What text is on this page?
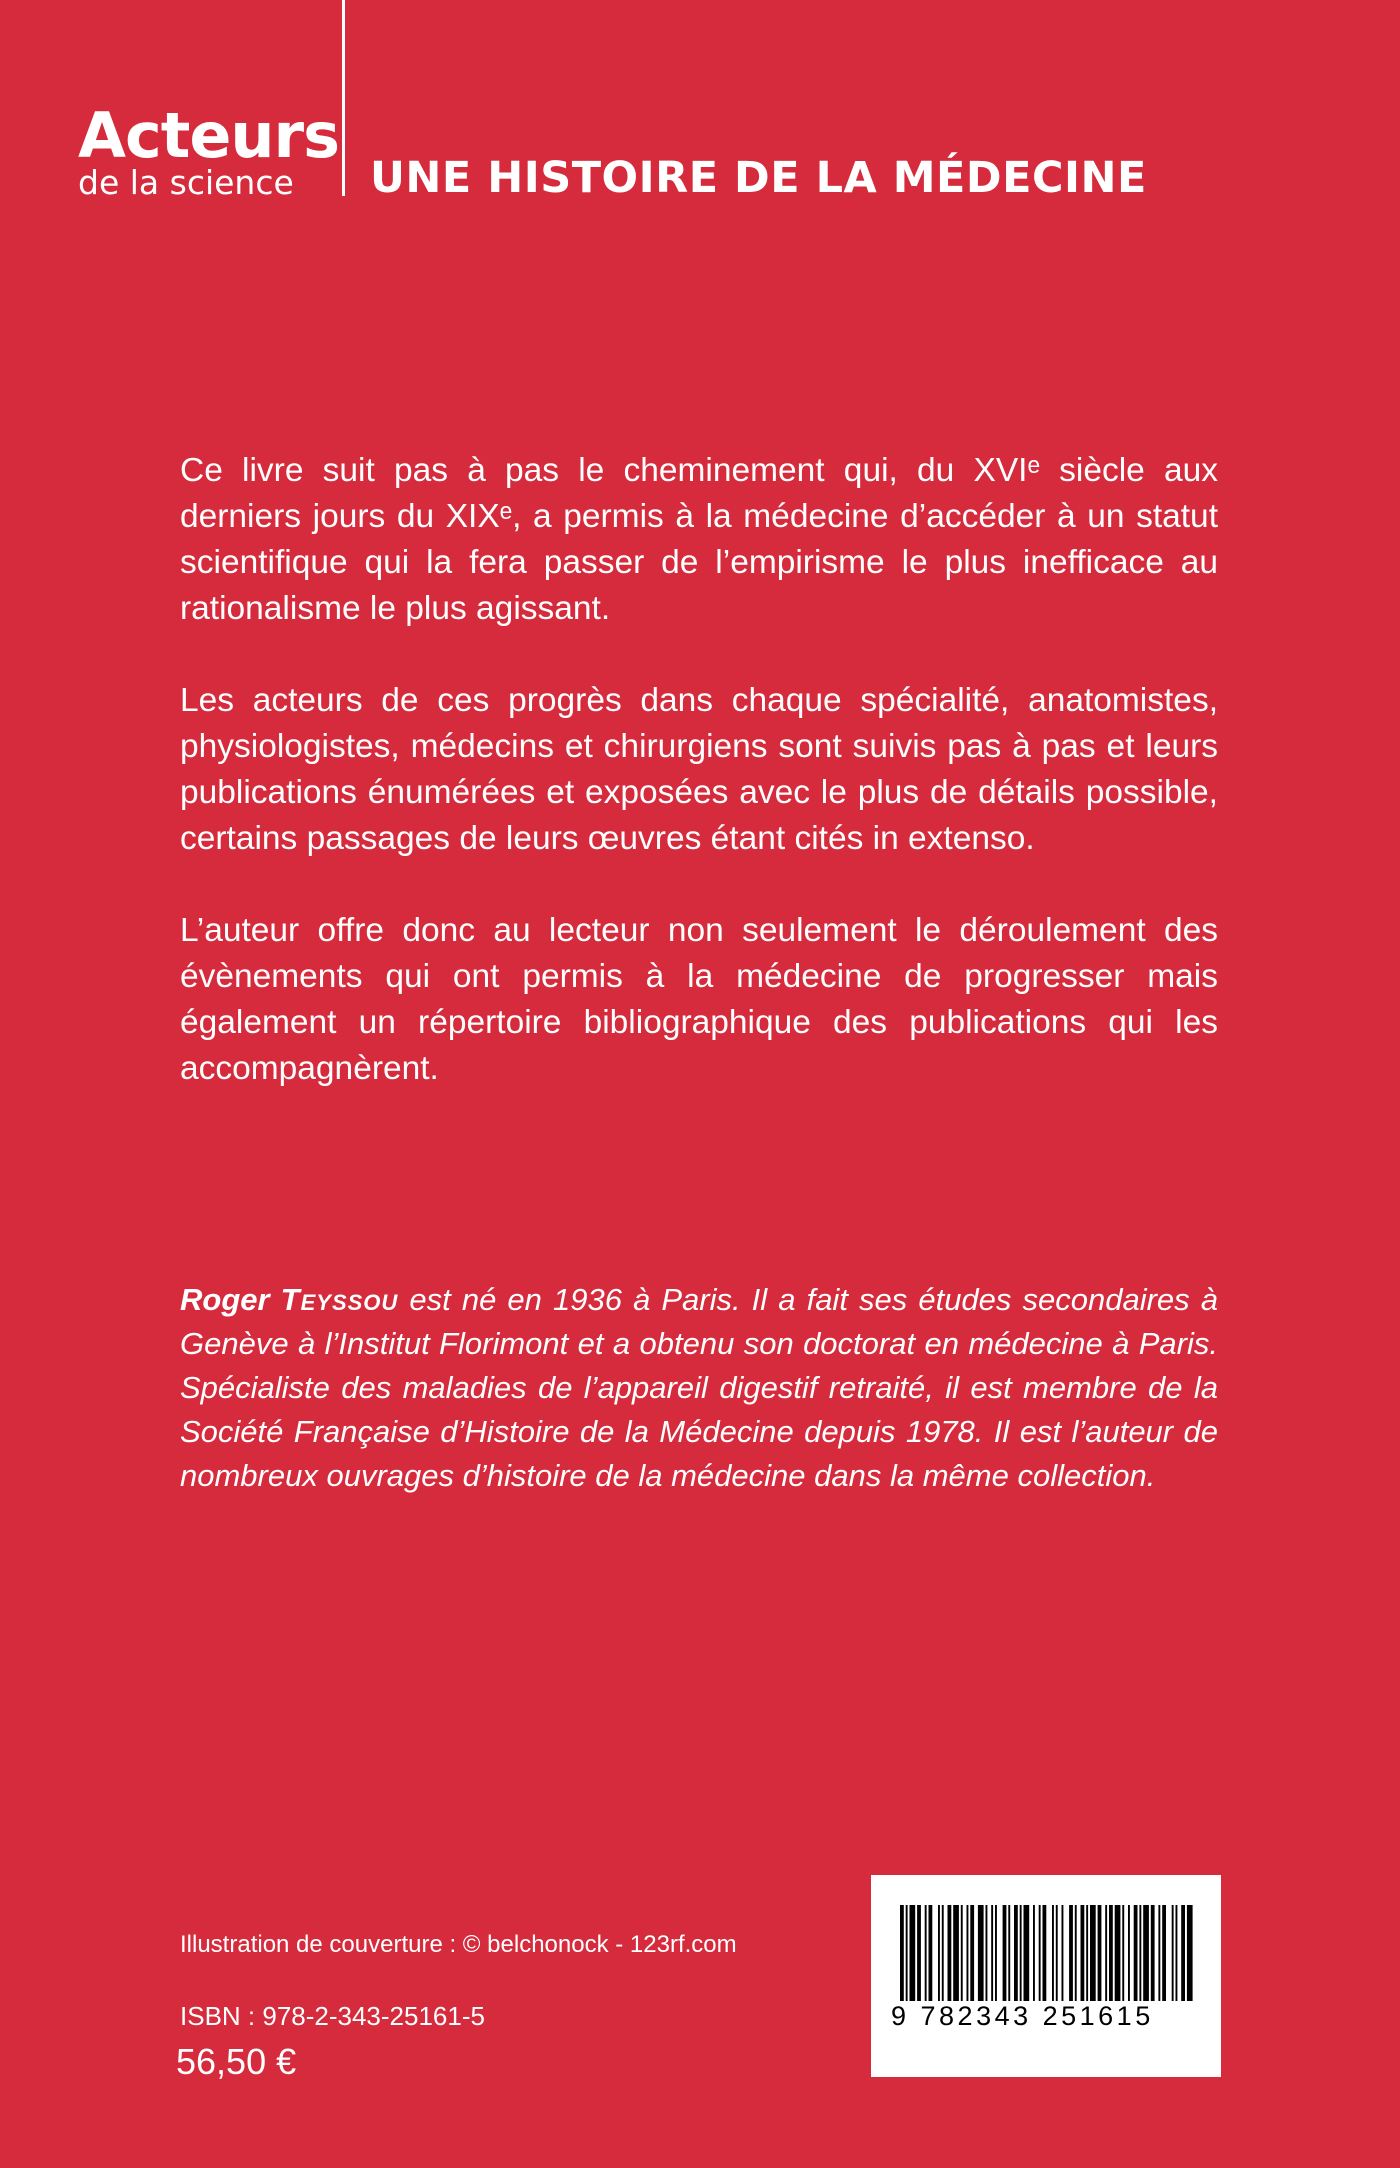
Acteurs
de la science	UNE HISTOIRE DE LA MÉDECINE

Ce livre suit pas à pas le cheminement qui, du XVIᵉ siècle aux derniers jours du XIXᵉ, a permis à la médecine d’accéder à un statut scientifique qui la fera passer de l’empirisme le plus inefficace au rationalisme le plus agissant.

Les acteurs de ces progrès dans chaque spécialité, anatomistes, physiologistes, médecins et chirurgiens sont suivis pas à pas et leurs publications énumérées et exposées avec le plus de détails possible, certains passages de leurs œuvres étant cités in extenso.

L’auteur offre donc au lecteur non seulement le déroulement des évènements qui ont permis à la médecine de progresser mais également un répertoire bibliographique des publications qui les accompagnèrent.

Roger Teyssou est né en 1936 à Paris. Il a fait ses études secondaires à Genève à l’Institut Florimont et a obtenu son doctorat en médecine à Paris. Spécialiste des maladies de l’appareil digestif retraité, il est membre de la Société Française d’Histoire de la Médecine depuis 1978. Il est l’auteur de nombreux ouvrages d’histoire de la médecine dans la même collection.

Illustration de couverture : © belchonock - 123rf.com

ISBN : 978-2-343-25161-5

56,50 €

9 782343 251615
